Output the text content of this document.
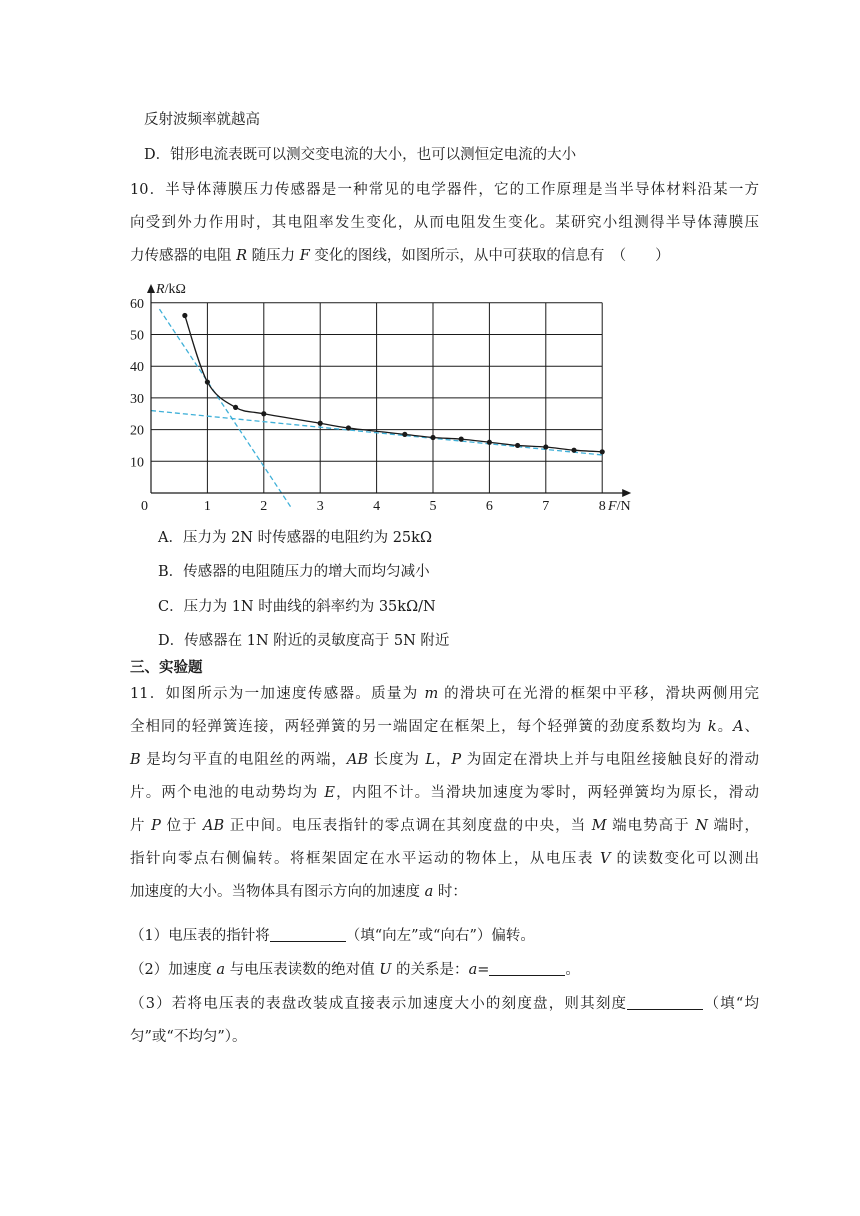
反射波频率就越高
D．钳形电流表既可以测交变电流的大小，也可以测恒定电流的大小
10．半导体薄膜压力传感器是一种常见的电学器件，它的工作原理是当半导体材料沿某一方
向受到外力作用时，其电阻率发生变化，从而电阻发生变化。某研究小组测得半导体薄膜压
力传感器的电阻 R 随压力 F 变化的图线，如图所示，从中可获取的信息有　（　　）
1	2	3	4	5	6	7	8
10
20
30
40
50
60
R/kΩ
F/N
0
A．压力为 2N 时传感器的电阻约为 25kΩ
B．传感器的电阻随压力的增大而均匀减小
C．压力为 1N 时曲线的斜率约为 35kΩ/N
D．传感器在 1N 附近的灵敏度高于 5N 附近
三、实验题
11．如图所示为一加速度传感器。质量为 m 的滑块可在光滑的框架中平移，滑块两侧用完
全相同的轻弹簧连接，两轻弹簧的另一端固定在框架上，每个轻弹簧的劲度系数均为 k。A、
B 是均匀平直的电阻丝的两端，AB 长度为 L，P 为固定在滑块上并与电阻丝接触良好的滑动
片。两个电池的电动势均为 E，内阻不计。当滑块加速度为零时，两轻弹簧均为原长，滑动
片 P 位于 AB 正中间。电压表指针的零点调在其刻度盘的中央，当 M 端电势高于 N 端时，
指针向零点右侧偏转。将框架固定在水平运动的物体上，从电压表 V 的读数变化可以测出
加速度的大小。当物体具有图示方向的加速度 a 时：
（1）电压表的指针将	（填“向左”或“向右”）偏转。
（2）加速度 a 与电压表读数的绝对值 U 的关系是：a=	。
（3）若将电压表的表盘改装成直接表示加速度大小的刻度盘，则其刻度	（填“均
匀”或“不均匀”）。
